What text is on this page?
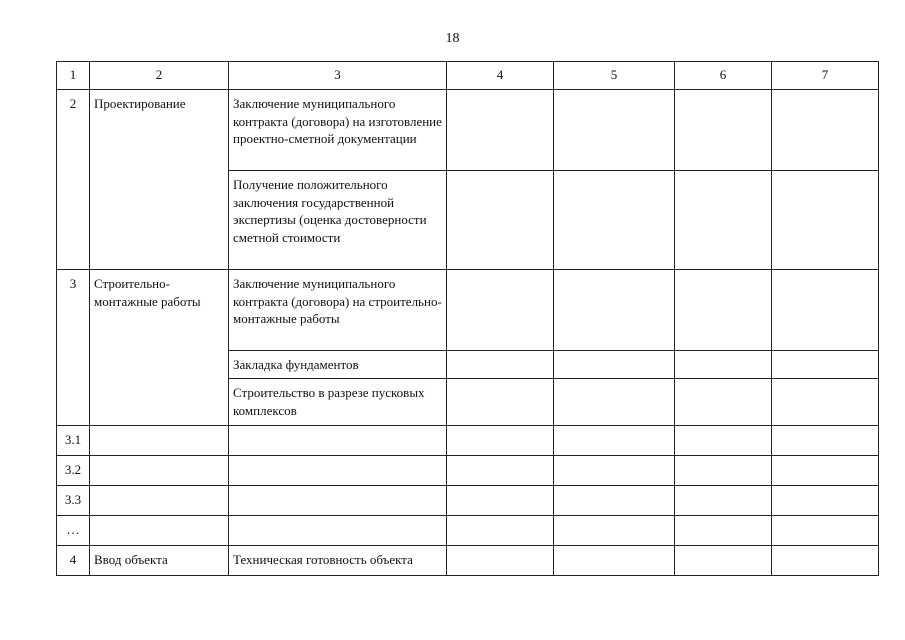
18
1	2	3	4	5	6	7
2	Проектирование	Заключение муниципального контракта (договора) на изготовление проектно-сметной документации				
		Получение положительного заключения государственной экспертизы (оценка достоверности сметной стоимости				
3	Строительно-монтажные работы	Заключение муниципального контракта (договора) на строительно-монтажные работы				
		Закладка фундаментов				
		Строительство в разрезе пусковых комплексов				
3.1						
3.2						
3.3						
…						
4	Ввод объекта	Техническая готовность объекта				
